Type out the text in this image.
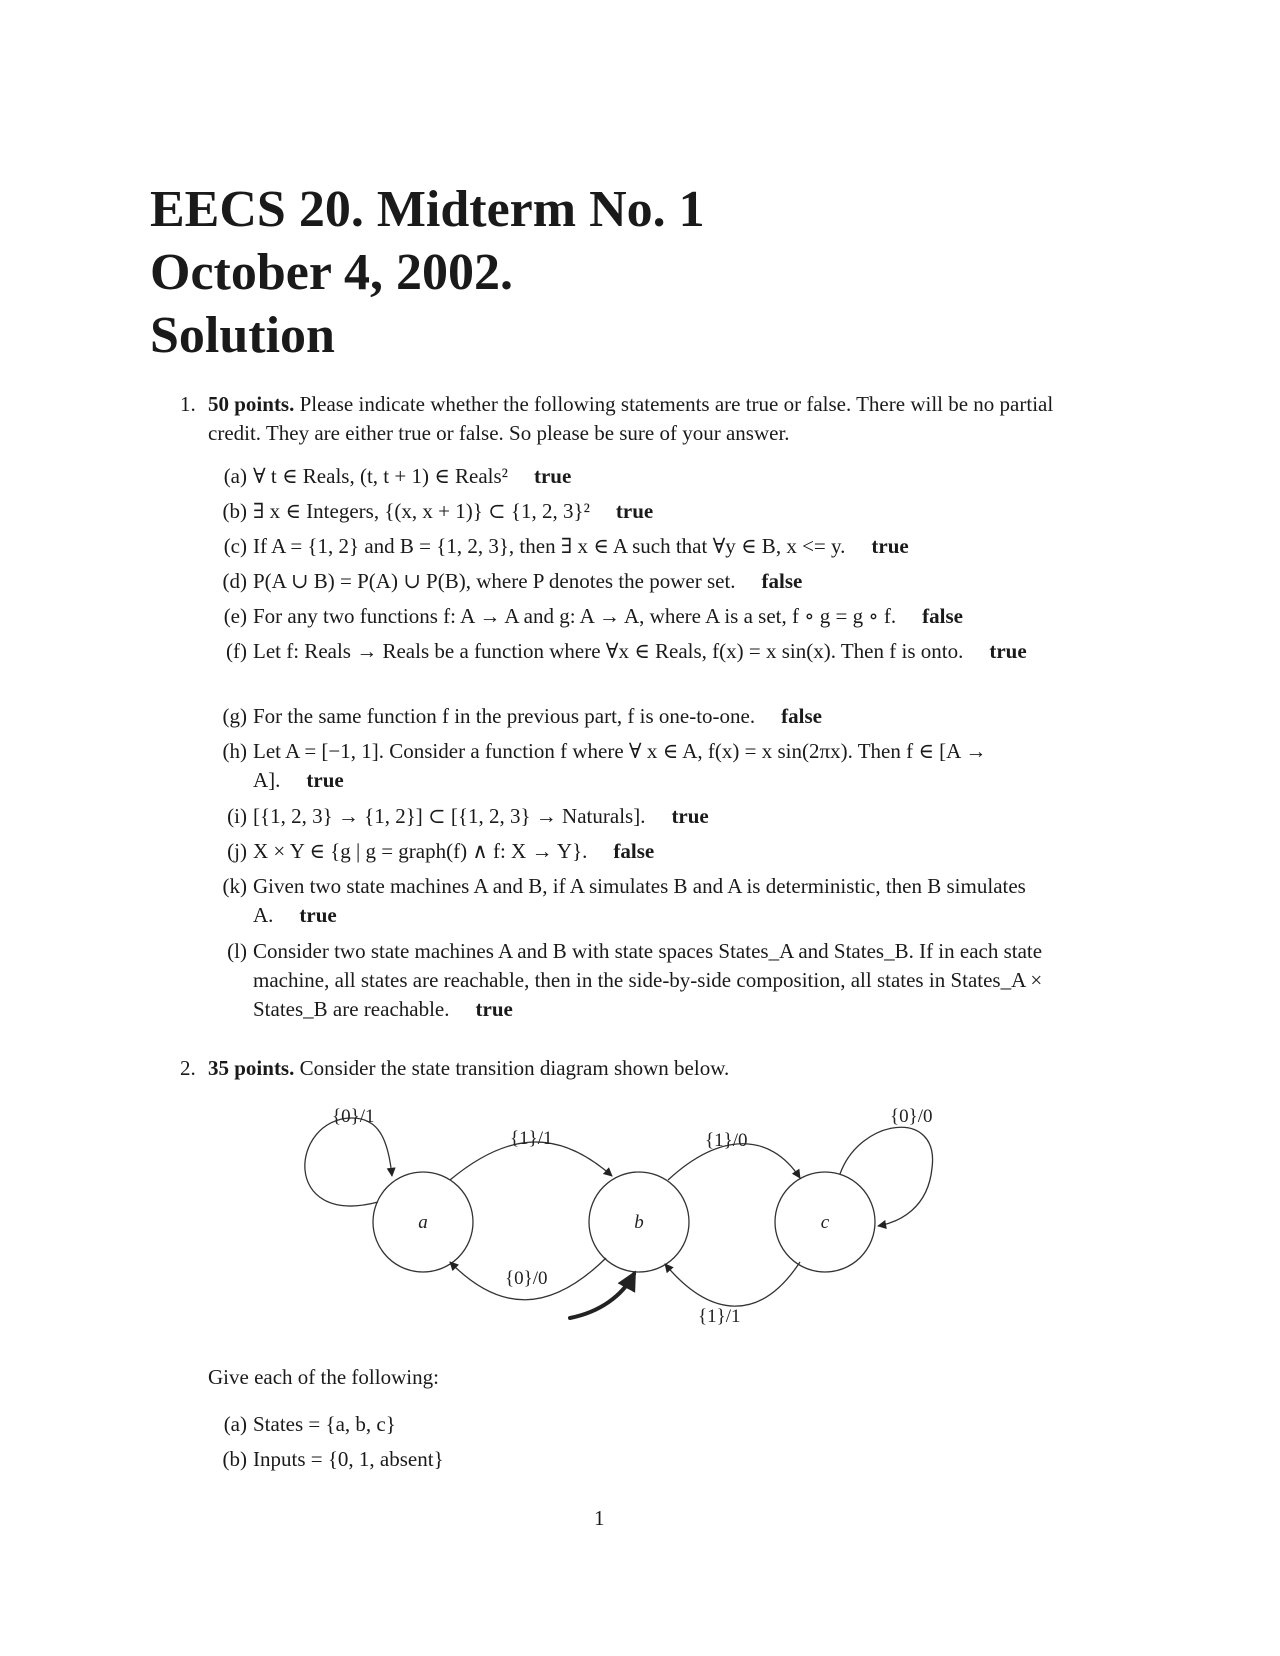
EECS 20. Midterm No. 1
October 4, 2002.
Solution
1. 50 points. Please indicate whether the following statements are true or false. There will be no partial credit. They are either true or false. So please be sure of your answer.
(a) ∀ t ∈ Reals, (t, t + 1) ∈ Reals² true
(b) ∃ x ∈ Integers, {(x, x + 1)} ⊂ {1, 2, 3}² true
(c) If A = {1, 2} and B = {1, 2, 3}, then ∃ x ∈ A such that ∀y ∈ B, x <= y. true
(d) P(A ∪ B) = P(A) ∪ P(B), where P denotes the power set. false
(e) For any two functions f: A → A and g: A → A, where A is a set, f ∘ g = g ∘ f. false
(f) Let f: Reals → Reals be a function where ∀x ∈ Reals, f(x) = x sin(x). Then f is onto. true
(g) For the same function f in the previous part, f is one-to-one. false
(h) Let A = [−1, 1]. Consider a function f where ∀ x ∈ A, f(x) = x sin(2πx). Then f ∈ [A → A]. true
(i) [{1, 2, 3} → {1, 2}] ⊂ [{1, 2, 3} → Naturals]. true
(j) X × Y ∈ {g | g = graph(f) ∧ f: X → Y}. false
(k) Given two state machines A and B, if A simulates B and A is deterministic, then B simulates A. true
(l) Consider two state machines A and B with state spaces States_A and States_B. If in each state machine, all states are reachable, then in the side-by-side composition, all states in States_A × States_B are reachable. true
2. 35 points. Consider the state transition diagram shown below.
a	b	c
{0}/1
{1}/1	{1}/0
{0}/0
{0}/0
{1}/1
Give each of the following:
(a) States = {a, b, c}
(b) Inputs = {0, 1, absent}
1
